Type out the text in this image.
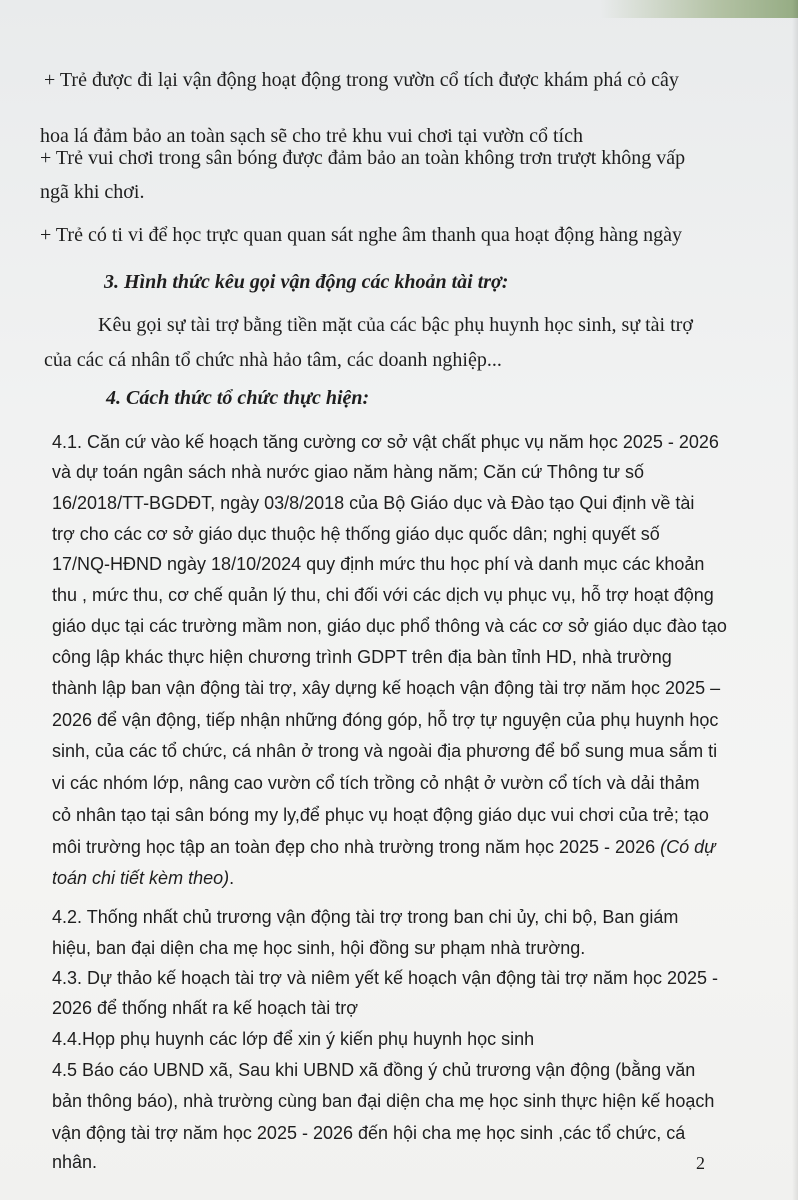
+ Trẻ được đi lại vận động hoạt động trong vườn cổ tích được khám phá cỏ cây
hoa lá đảm bảo an toàn sạch sẽ cho trẻ khu vui chơi tại vườn cổ tích
+ Trẻ vui chơi trong sân bóng được đảm bảo an toàn không trơn trượt không vấp
ngã khi chơi.
+ Trẻ có ti vi để học trực quan quan sát nghe âm thanh qua hoạt động hàng ngày
3. Hình thức kêu gọi vận động các khoản tài trợ:
Kêu gọi sự tài trợ bằng tiền mặt của các bậc phụ huynh học sinh, sự tài trợ
của các cá nhân tổ chức nhà hảo tâm, các doanh nghiệp...
4. Cách thức tổ chức thực hiện:
4.1. Căn cứ vào kế hoạch tăng cường cơ sở vật chất phục vụ năm học 2025 - 2026
và dự toán ngân sách nhà nước giao năm hàng năm; Căn cứ Thông tư số
16/2018/TT-BGDĐT, ngày 03/8/2018 của Bộ Giáo dục và Đào tạo Qui định về tài
trợ cho các cơ sở giáo dục thuộc hệ thống giáo dục quốc dân; nghị quyết số
17/NQ-HĐND ngày 18/10/2024 quy định mức thu học phí và danh mục các khoản
thu , mức thu, cơ chế quản lý thu, chi đối với các dịch vụ phục vụ, hỗ trợ hoạt động
giáo dục tại các trường mầm non, giáo dục phổ thông và các cơ sở giáo dục đào tạo
công lập khác thực hiện chương trình GDPT trên địa bàn tỉnh HD, nhà trường
thành lập ban vận động tài trợ, xây dựng kế hoạch vận động tài trợ năm học 2025 –
2026 để vận động, tiếp nhận những đóng góp, hỗ trợ tự nguyện của phụ huynh học
sinh, của các tổ chức, cá nhân ở trong và ngoài địa phương để bổ sung mua sắm ti
vi các nhóm lớp, nâng cao vườn cổ tích trồng cỏ nhật ở vườn cổ tích và dải thảm
cỏ nhân tạo tại sân bóng my ly,để phục vụ hoạt động giáo dục vui chơi của trẻ; tạo
môi trường học tập an toàn đẹp cho nhà trường trong năm học 2025 - 2026 (Có dự
toán chi tiết kèm theo).
4.2. Thống nhất chủ trương vận động tài trợ trong ban chi ủy, chi bộ, Ban giám
hiệu, ban đại diện cha mẹ học sinh, hội đồng sư phạm nhà trường.
4.3. Dự thảo kế hoạch tài trợ và niêm yết kế hoạch vận động tài trợ năm học 2025 -
2026 để thống nhất ra kế hoạch tài trợ
4.4.Họp phụ huynh các lớp để xin ý kiến phụ huynh học sinh
4.5 Báo cáo UBND xã, Sau khi UBND xã đồng ý chủ trương vận động (bằng văn
bản thông báo), nhà trường cùng ban đại diện cha mẹ học sinh thực hiện kế hoạch
vận động tài trợ năm học 2025 - 2026 đến hội cha mẹ học sinh ,các tổ chức, cá
nhân.	2
